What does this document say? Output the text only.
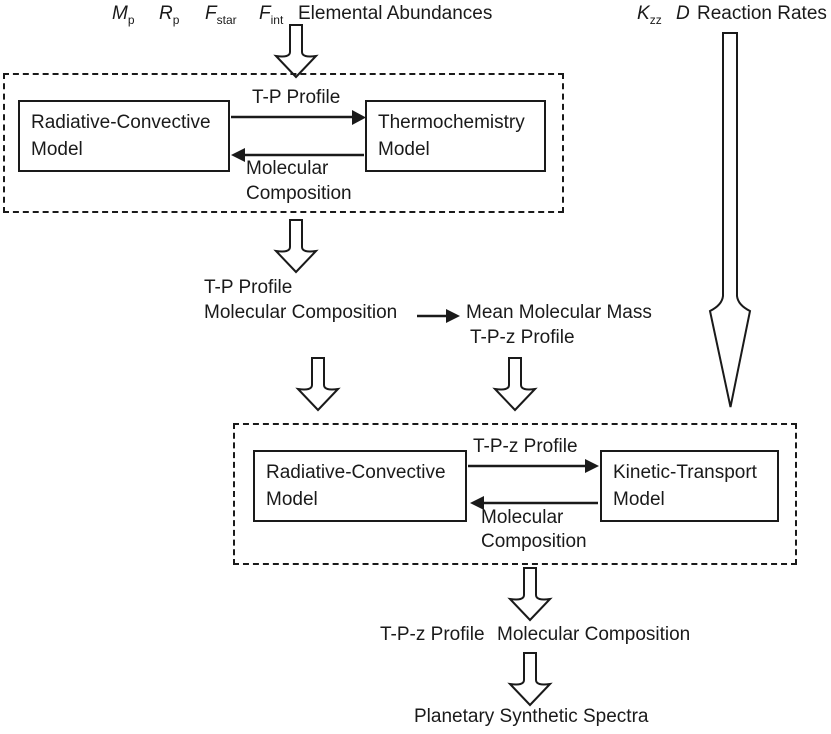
$M_p$ $R_p$ $F_{star}$ $F_{int}$ Elemental Abundances	$K_{zz}$ D Reaction Rates
Radiative-Convective Model
Thermochemistry Model
T-P Profile
Molecular
Composition
T-P Profile
Molecular Composition	Mean Molecular Mass
T-P-z Profile
Radiative-Convective Model
Kinetic-Transport Model
T-P-z Profile
Molecular
Composition
T-P-z Profile Molecular Composition
Planetary Synthetic Spectra
